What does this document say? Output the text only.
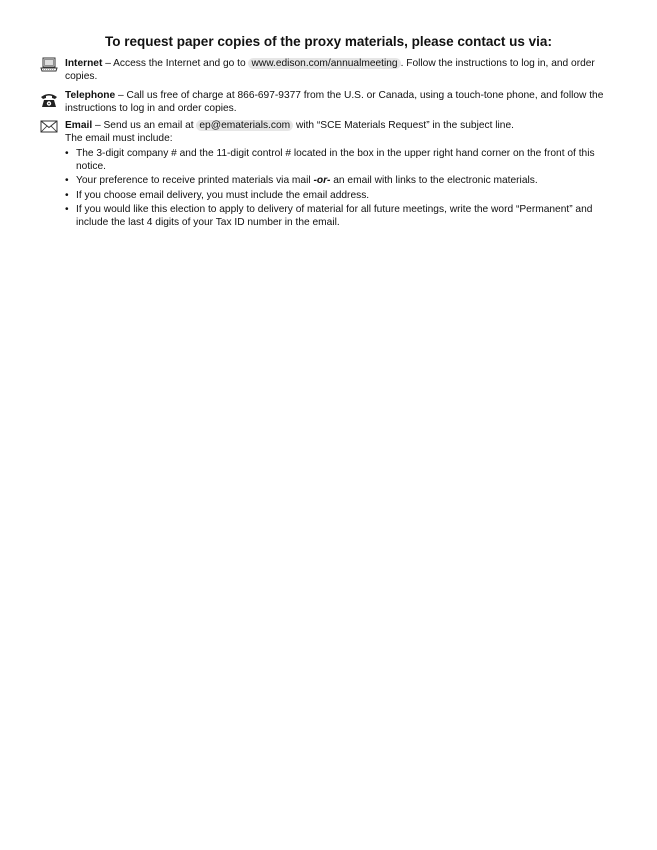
To request paper copies of the proxy materials, please contact us via:
Internet – Access the Internet and go to www.edison.com/annualmeeting . Follow the instructions to log in, and order copies.
Telephone – Call us free of charge at 866-697-9377 from the U.S. or Canada, using a touch-tone phone, and follow the instructions to log in and order copies.
Email – Send us an email at ep@ematerials.com with “SCE Materials Request” in the subject line.
The email must include:
• The 3-digit company # and the 11-digit control # located in the box in the upper right hand corner on the front of this notice.
• Your preference to receive printed materials via mail -or- an email with links to the electronic materials.
• If you choose email delivery, you must include the email address.
• If you would like this election to apply to delivery of material for all future meetings, write the word “Permanent” and include the last 4 digits of your Tax ID number in the email.
